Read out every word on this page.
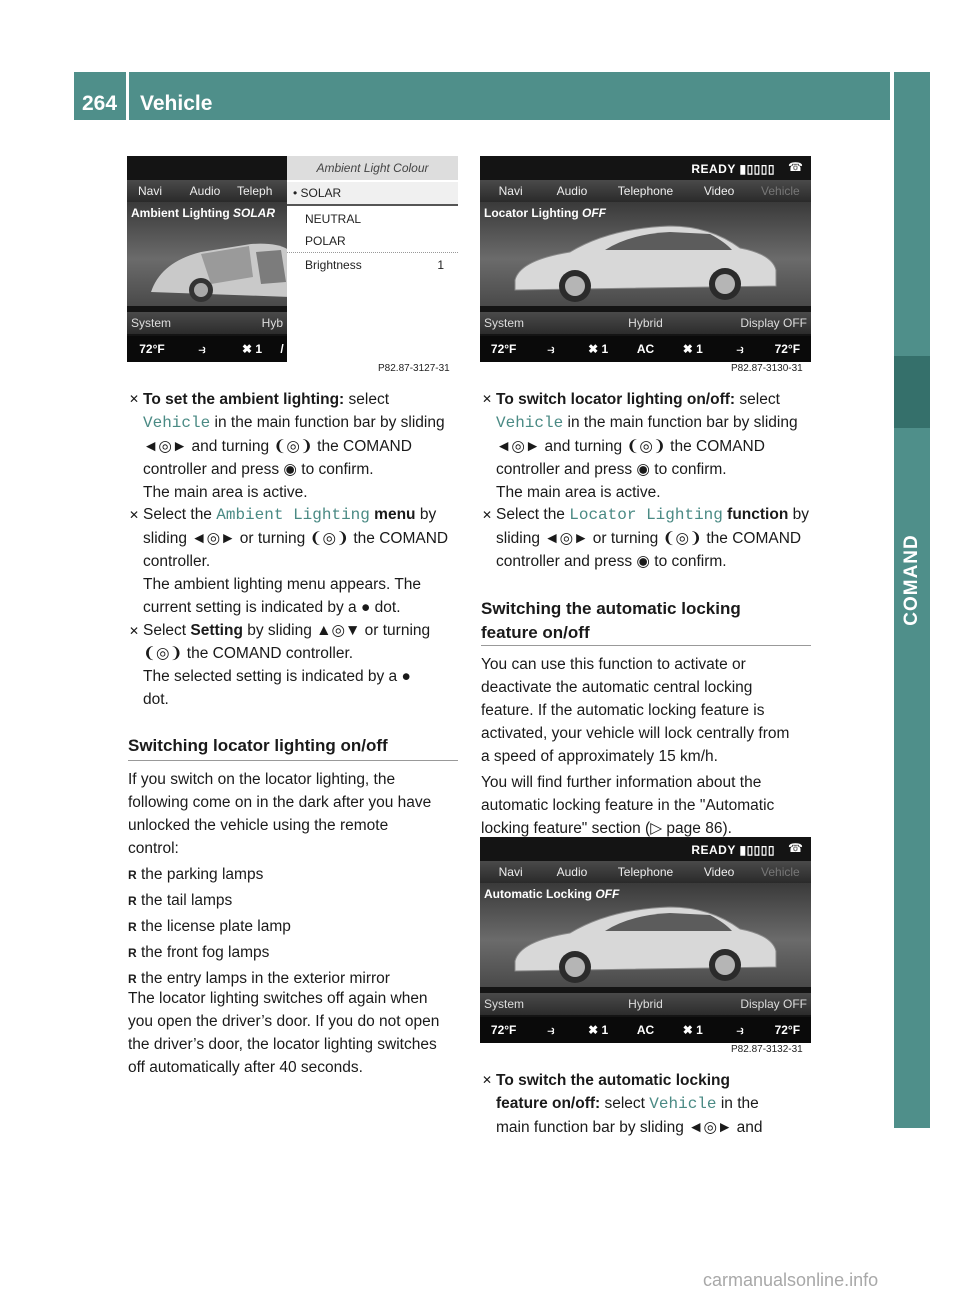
264	Vehicle
COMAND
Navi	Audio	Teleph
Ambient Lighting SOLAR
System	Hyb
72°F	⥽	✖ 1	/
Ambient Light Colour
• SOLAR
NEUTRAL
POLAR
Brightness	1
P82.87-3127-31
READY ▮▯▯▯▯ ☎
Navi	Audio	Telephone	Video	Vehicle
Locator Lighting OFF
System	Hybrid	Display OFF
72°F	⥽	✖ 1	AC	✖ 1	⥽	72°F
P82.87-3130-31
READY ▮▯▯▯▯ ☎
Navi	Audio	Telephone	Video	Vehicle
Automatic Locking OFF
System	Hybrid	Display OFF
72°F	⥽	✖ 1	AC	✖ 1	⥽	72°F
P82.87-3132-31
✕ To set the ambient lighting: select
Vehicle in the main function bar by sliding
◄◎► and turning ❨◎❩ the COMAND
controller and press ◉ to confirm.
The main area is active.
✕ Select the Ambient Lighting menu by
sliding ◄◎► or turning ❨◎❩ the COMAND
controller.
The ambient lighting menu appears. The
current setting is indicated by a ● dot.
✕ Select Setting by sliding ▲◎▼ or turning
❨◎❩ the COMAND controller.
The selected setting is indicated by a ●
dot.
Switching locator lighting on/off
If you switch on the locator lighting, the
following come on in the dark after you have
unlocked the vehicle using the remote
control:
R the parking lamps
R the tail lamps
R the license plate lamp
R the front fog lamps
R the entry lamps in the exterior mirror
The locator lighting switches off again when
you open the driver’s door. If you do not open
the driver’s door, the locator lighting switches
off automatically after 40 seconds.
✕ To switch locator lighting on/off: select
Vehicle in the main function bar by sliding
◄◎► and turning ❨◎❩ the COMAND
controller and press ◉ to confirm.
The main area is active.
✕ Select the Locator Lighting function by
sliding ◄◎► or turning ❨◎❩ the COMAND
controller and press ◉ to confirm.
Switching the automatic locking
feature on/off
You can use this function to activate or
deactivate the automatic central locking
feature. If the automatic locking feature is
activated, your vehicle will lock centrally from
a speed of approximately 15 km/h.
You will find further information about the
automatic locking feature in the "Automatic
locking feature" section (▷ page 86).
✕ To switch the automatic locking
feature on/off: select Vehicle in the
main function bar by sliding ◄◎► and
carmanualsonline.info
